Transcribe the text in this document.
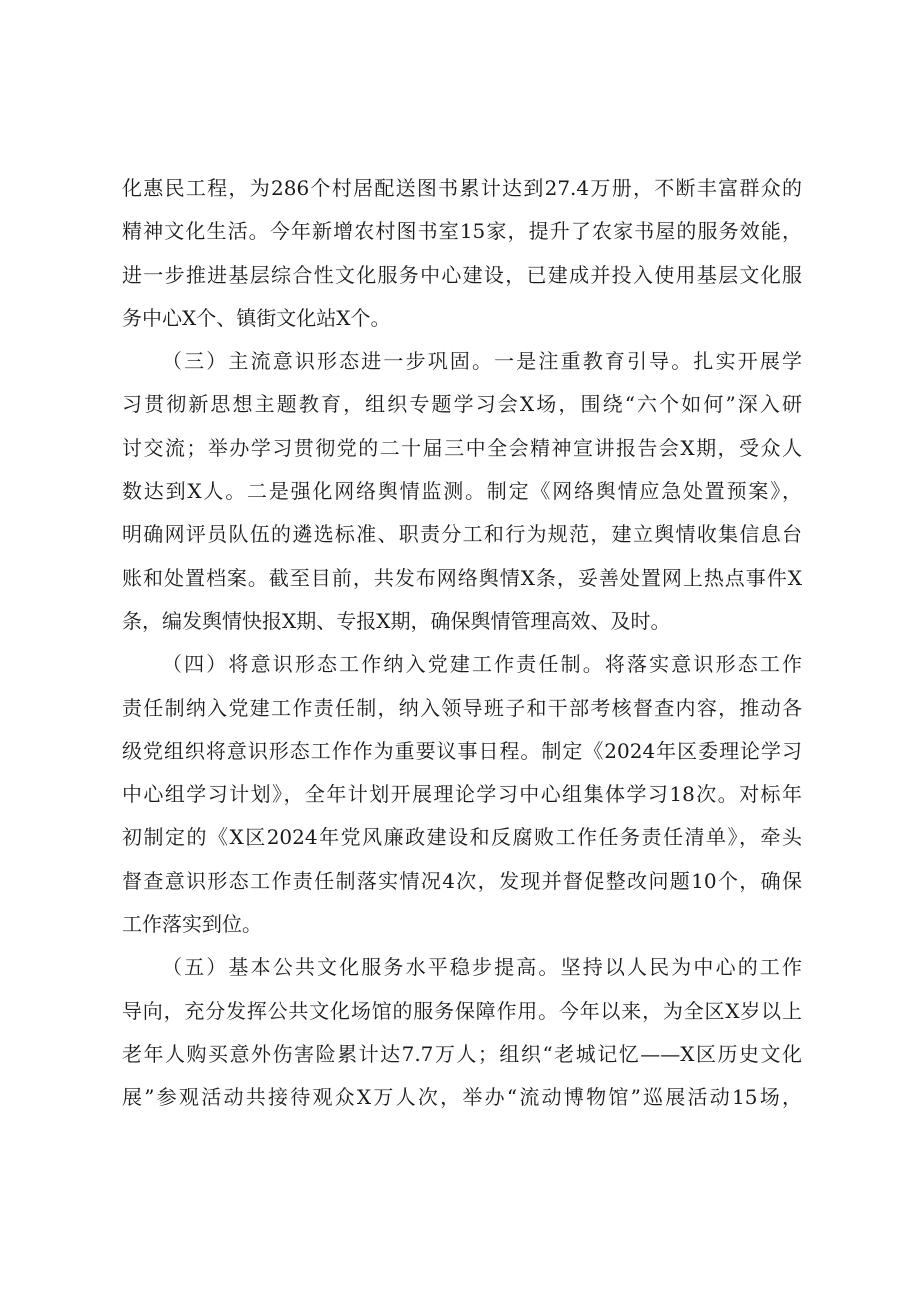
化惠民工程，为286个村居配送图书累计达到27.4万册，不断丰富群众的
精神文化生活。今年新增农村图书室15家，提升了农家书屋的服务效能，
进一步推进基层综合性文化服务中心建设，已建成并投入使用基层文化服
务中心X个、镇街文化站X个。
（三）主流意识形态进一步巩固。一是注重教育引导。扎实开展学
习贯彻新思想主题教育，组织专题学习会X场，围绕“六个如何”深入研
讨交流；举办学习贯彻党的二十届三中全会精神宣讲报告会X期，受众人
数达到X人。二是强化网络舆情监测。制定《网络舆情应急处置预案》，
明确网评员队伍的遴选标准、职责分工和行为规范，建立舆情收集信息台
账和处置档案。截至目前，共发布网络舆情X条，妥善处置网上热点事件X
条，编发舆情快报X期、专报X期，确保舆情管理高效、及时。
（四）将意识形态工作纳入党建工作责任制。将落实意识形态工作
责任制纳入党建工作责任制，纳入领导班子和干部考核督查内容，推动各
级党组织将意识形态工作作为重要议事日程。制定《2024年区委理论学习
中心组学习计划》，全年计划开展理论学习中心组集体学习18次。对标年
初制定的《X区2024年党风廉政建设和反腐败工作任务责任清单》，牵头
督查意识形态工作责任制落实情况4次，发现并督促整改问题10个，确保
工作落实到位。
（五）基本公共文化服务水平稳步提高。坚持以人民为中心的工作
导向，充分发挥公共文化场馆的服务保障作用。今年以来，为全区X岁以上
老年人购买意外伤害险累计达7.7万人；组织“老城记忆——X区历史文化
展”参观活动共接待观众X万人次，举办“流动博物馆”巡展活动15场，
